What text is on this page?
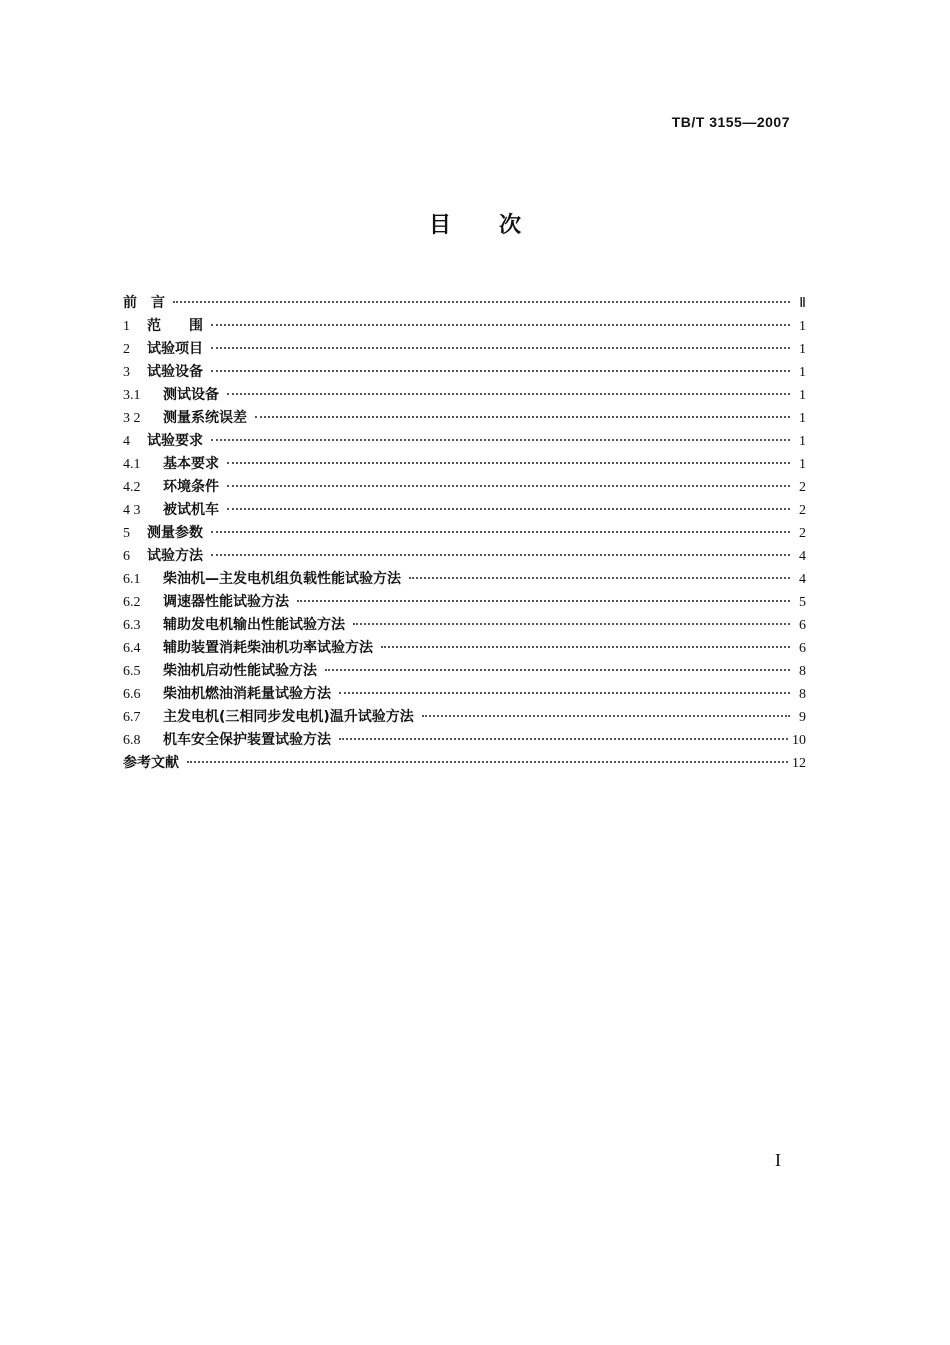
TB/T 3155—2007
目次
前　言	Ⅱ
1	范　　围	1
2	试验项目	1
3	试验设备	1
3.1	测试设备	1
3 2	测量系统误差	1
4	试验要求	1
4.1	基本要求	1
4.2	环境条件	2
4 3	被试机车	2
5	测量参数	2
6	试验方法	4
6.1	柴油机—主发电机组负载性能试验方法	4
6.2	调速器性能试验方法	5
6.3	辅助发电机输出性能试验方法	6
6.4	辅助装置消耗柴油机功率试验方法	6
6.5	柴油机启动性能试验方法	8
6.6	柴油机燃油消耗量试验方法	8
6.7	主发电机(三相同步发电机)温升试验方法	9
6.8	机车安全保护装置试验方法	10
参考文献	12
I
